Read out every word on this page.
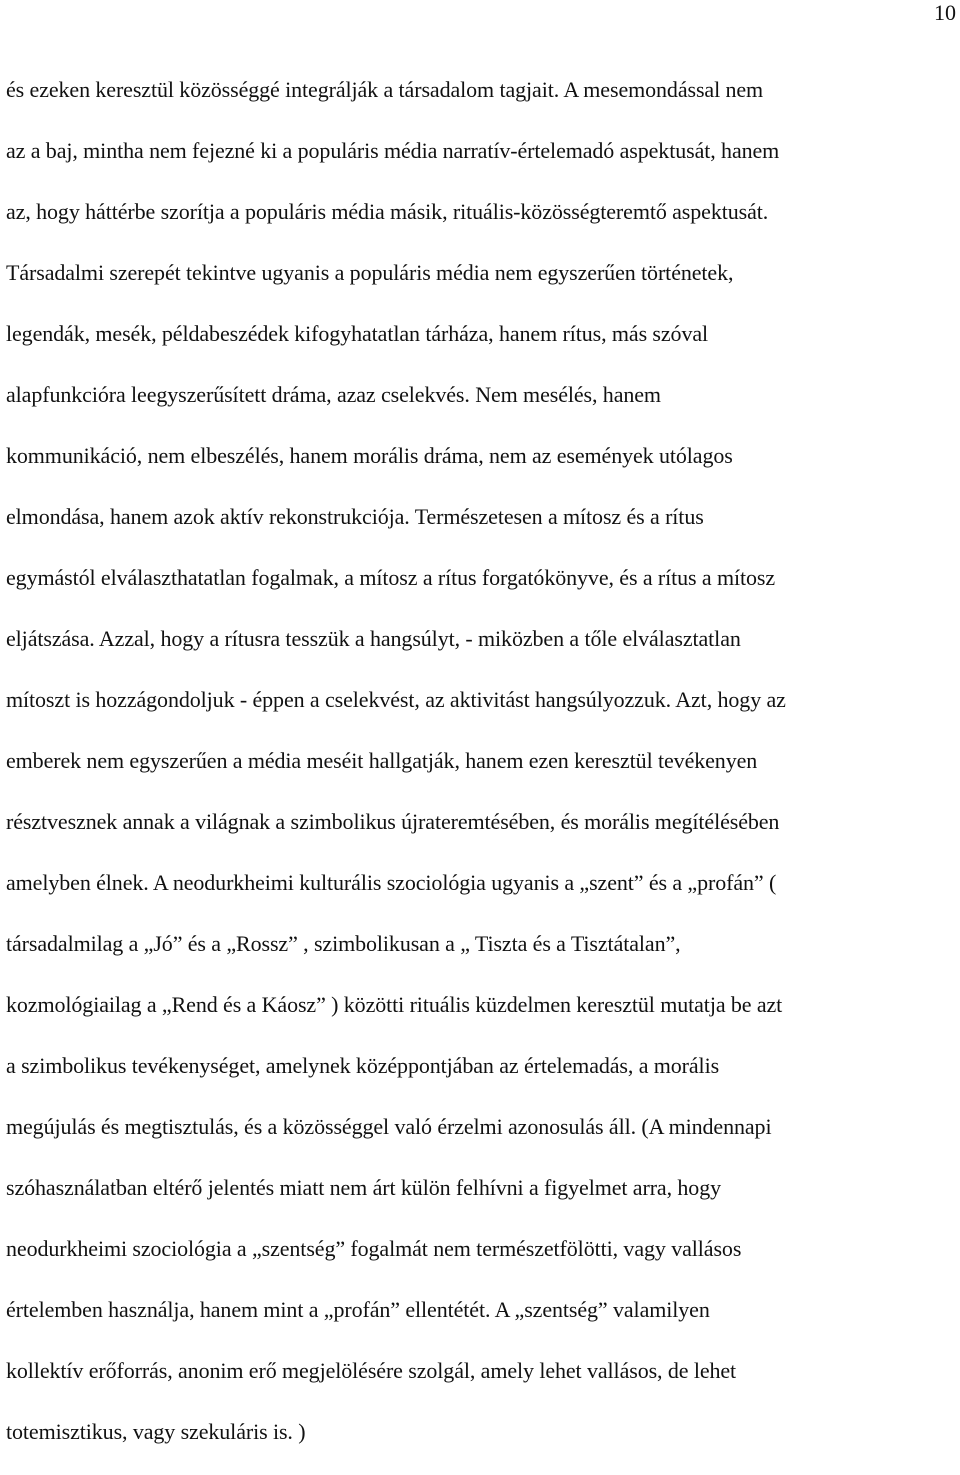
10
és ezeken keresztül közösséggé integrálják a társadalom tagjait. A mesemondással nem
az a baj, mintha nem fejezné ki a populáris média narratív-értelemadó aspektusát, hanem
az, hogy háttérbe szorítja a populáris média másik, rituális-közösségteremtő aspektusát.
Társadalmi szerepét tekintve ugyanis a populáris média nem egyszerűen történetek,
legendák, mesék, példabeszédek kifogyhatatlan tárháza, hanem rítus, más szóval
alapfunkcióra leegyszerűsített dráma, azaz cselekvés. Nem mesélés, hanem
kommunikáció, nem elbeszélés, hanem morális dráma, nem az események utólagos
elmondása, hanem azok aktív rekonstrukciója. Természetesen a mítosz és a rítus
egymástól elválaszthatatlan fogalmak, a mítosz a rítus forgatókönyve, és a rítus a mítosz
eljátszása. Azzal, hogy a rítusra tesszük a hangsúlyt, - miközben a tőle elválasztatlan
mítoszt is hozzágondoljuk - éppen a cselekvést, az aktivitást hangsúlyozzuk. Azt, hogy az
emberek nem egyszerűen a média meséit hallgatják, hanem ezen keresztül tevékenyen
résztvesznek annak a világnak a szimbolikus újrateremtésében, és morális megítélésében
amelyben élnek. A neodurkheimi kulturális szociológia ugyanis a „szent” és a „profán” (
társadalmilag a „Jó” és a „Rossz” , szimbolikusan a „ Tiszta és a Tisztátalan”,
kozmológiailag a „Rend és a Káosz” ) közötti rituális küzdelmen keresztül mutatja be azt
a szimbolikus tevékenységet, amelynek középpontjában az értelemadás, a morális
megújulás és megtisztulás, és a közösséggel való érzelmi azonosulás áll. (A mindennapi
szóhasználatban eltérő jelentés miatt nem árt külön felhívni a figyelmet arra, hogy
neodurkheimi szociológia a „szentség” fogalmát nem természetfölötti, vagy vallásos
értelemben használja, hanem mint a „profán” ellentétét. A „szentség” valamilyen
kollektív erőforrás, anonim erő megjelölésére szolgál, amely lehet vallásos, de lehet
totemisztikus, vagy szekuláris is. )
